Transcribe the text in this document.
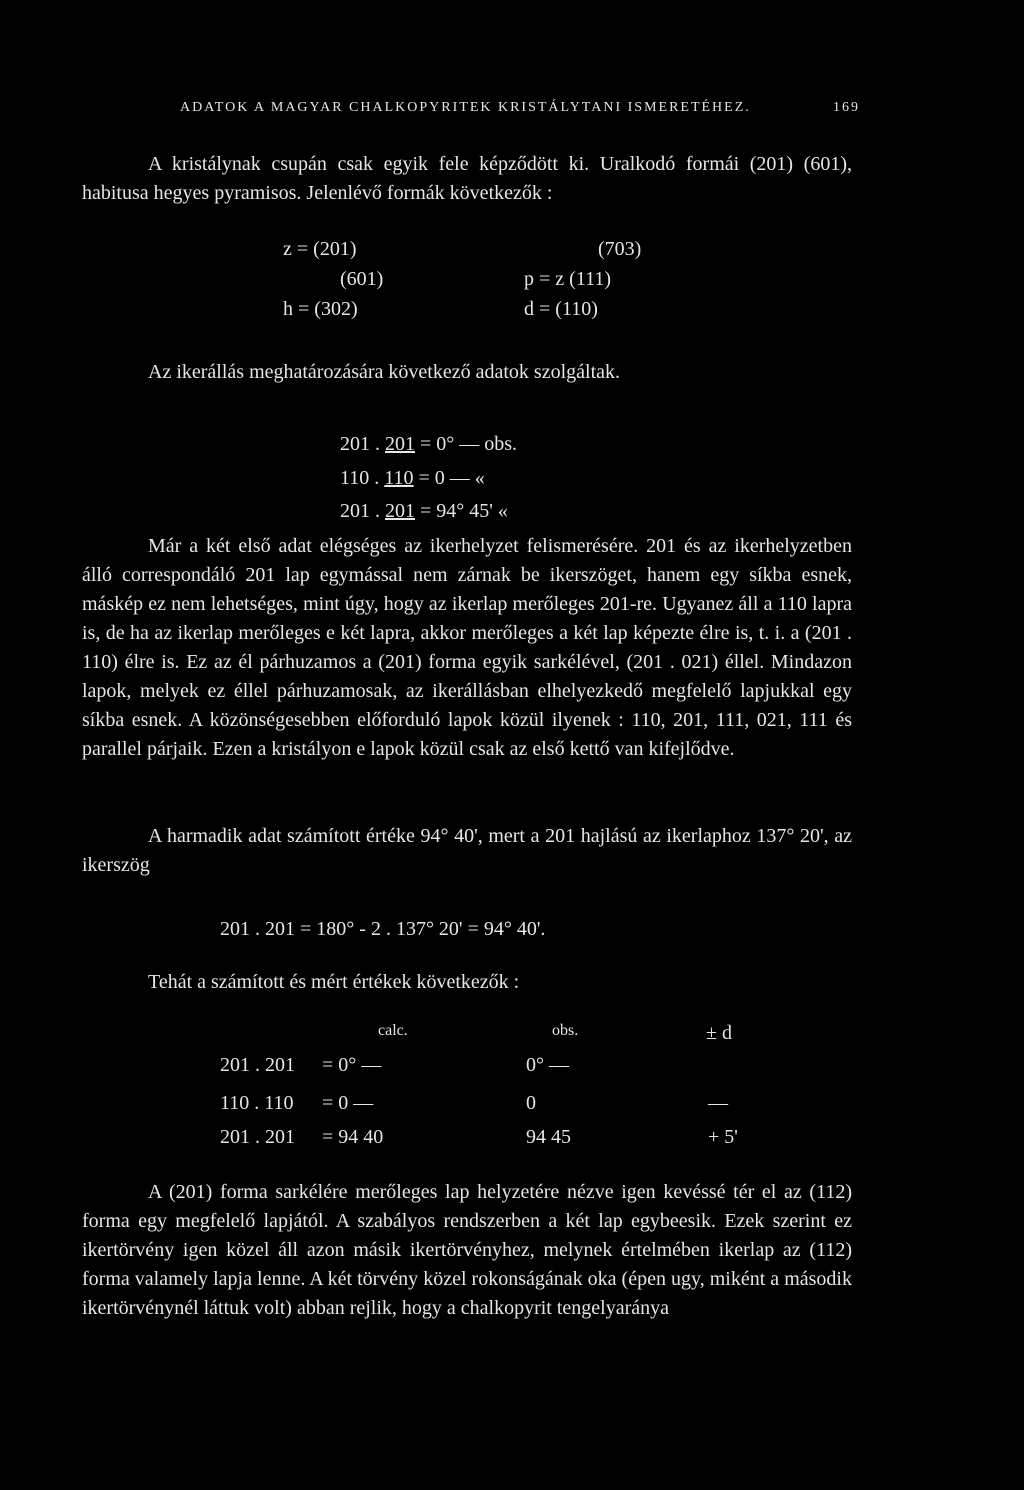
ADATOK A MAGYAR CHALKOPYRITEK KRISTÁLYTANI ISMERETÉHEZ.	169
A kristálynak csupán csak egyik fele képződött ki. Uralkodó formái (201) (601), habitusa hegyes pyramisos. Jelenlévő formák következők :
z = (201)	(703)
(601)	p = z (111)
h = (302)	d = (110)
Az ikerállás meghatározására következő adatok szolgáltak.

201 . 201 = 0° — obs.

110 . 110 = 0 — «

201 . 201 = 94° 45' «

Már a két első adat elégséges az ikerhelyzet felismerésére. 201 és az ikerhelyzetben álló correspondáló 201 lap egymással nem zárnak be ikerszöget, hanem egy síkba esnek, máskép ez nem lehetséges, mint úgy, hogy az ikerlap merőleges 201-re. Ugyanez áll a 110 lapra is, de ha az ikerlap merőleges e két lapra, akkor merőleges a két lap képezte élre is, t. i. a (201 . 110) élre is. Ez az él párhuzamos a (201) forma egyik sarkélével, (201 . 021) éllel. Mindazon lapok, melyek ez éllel párhuzamosak, az ikerállásban elhelyezkedő megfelelő lapjukkal egy síkba esnek. A közönségesebben előforduló lapok közül ilyenek : 110, 201, 111, 021, 111 és parallel párjaik. Ezen a kristályon e lapok közül csak az első kettő van kifejlődve.
A harmadik adat számított értéke 94° 40', mert a 201 hajlású az ikerlaphoz 137° 20', az ikerszög
201 . 201 = 180° - 2 . 137° 20' = 94° 40'.
Tehát a számított és mért értékek következők :
calc.	obs.	± d
201 . 201 = 0° —	0° —
110 . 110 = 0 —	0	—
201 . 201 = 94 40	94 45	+ 5'
A (201) forma sarkélére merőleges lap helyzetére nézve igen kevéssé tér el az (112) forma egy megfelelő lapjától. A szabályos rendszerben a két lap egybeesik. Ezek szerint ez ikertörvény igen közel áll azon másik ikertörvényhez, melynek értelmében ikerlap az (112) forma valamely lapja lenne. A két törvény közel rokonságának oka (épen ugy, miként a második ikertörvénynél láttuk volt) abban rejlik, hogy a chalkopyrit tengelyaránya
